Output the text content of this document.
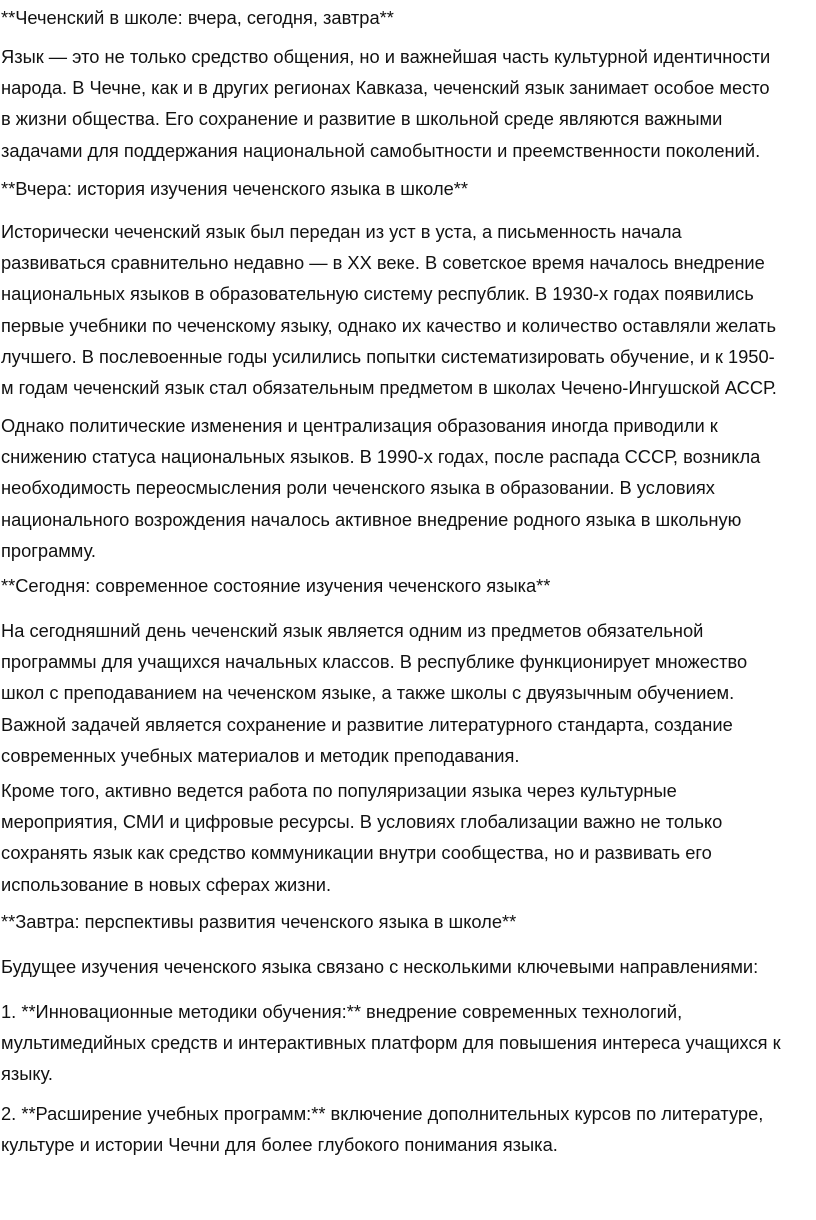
**Чеченский в школе: вчера, сегодня, завтра**
Язык — это не только средство общения, но и важнейшая часть культурной идентичности
народа. В Чечне, как и в других регионах Кавказа, чеченский язык занимает особое место
в жизни общества. Его сохранение и развитие в школьной среде являются важными
задачами для поддержания национальной самобытности и преемственности поколений.
**Вчера: история изучения чеченского языка в школе**
Исторически чеченский язык был передан из уст в уста, а письменность начала
развиваться сравнительно недавно — в XX веке. В советское время началось внедрение
национальных языков в образовательную систему республик. В 1930-х годах появились
первые учебники по чеченскому языку, однако их качество и количество оставляли желать
лучшего. В послевоенные годы усилились попытки систематизировать обучение, и к 1950-
м годам чеченский язык стал обязательным предметом в школах Чечено-Ингушской АССР.
Однако политические изменения и централизация образования иногда приводили к
снижению статуса национальных языков. В 1990-х годах, после распада СССР, возникла
необходимость переосмысления роли чеченского языка в образовании. В условиях
национального возрождения началось активное внедрение родного языка в школьную
программу.
**Сегодня: современное состояние изучения чеченского языка**
На сегодняшний день чеченский язык является одним из предметов обязательной
программы для учащихся начальных классов. В республике функционирует множество
школ с преподаванием на чеченском языке, а также школы с двуязычным обучением.
Важной задачей является сохранение и развитие литературного стандарта, создание
современных учебных материалов и методик преподавания.
Кроме того, активно ведется работа по популяризации языка через культурные
мероприятия, СМИ и цифровые ресурсы. В условиях глобализации важно не только
сохранять язык как средство коммуникации внутри сообщества, но и развивать его
использование в новых сферах жизни.
**Завтра: перспективы развития чеченского языка в школе**
Будущее изучения чеченского языка связано с несколькими ключевыми направлениями:
1. **Инновационные методики обучения:** внедрение современных технологий,
мультимедийных средств и интерактивных платформ для повышения интереса учащихся к
языку.
2. **Расширение учебных программ:** включение дополнительных курсов по литературе,
культуре и истории Чечни для более глубокого понимания языка.
